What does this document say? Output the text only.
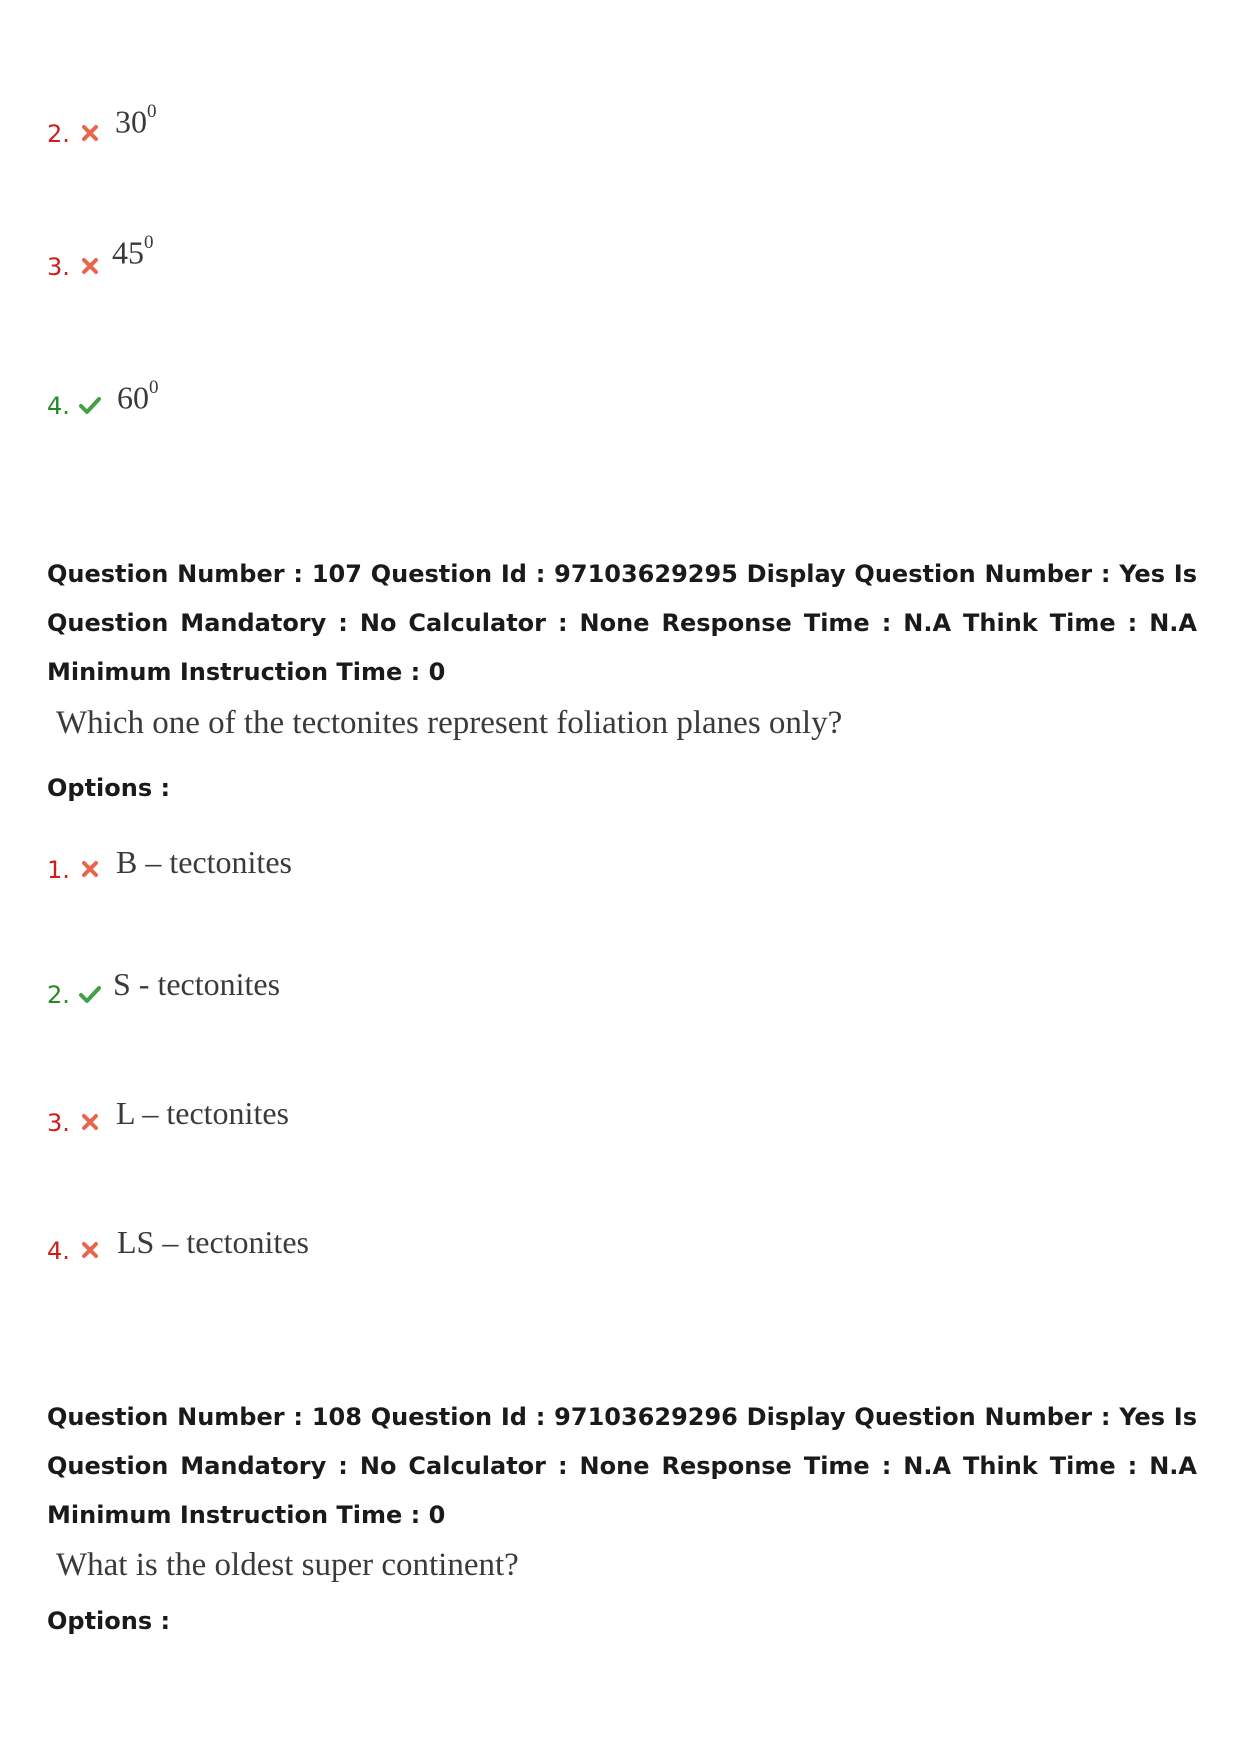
2. $30^0$
3. $45^0$
4. $60^0$
Question Number : 107 Question Id : 97103629295 Display Question Number : Yes Is Question Mandatory : No Calculator : None Response Time : N.A Think Time : N.A Minimum Instruction Time : 0
Which one of the tectonites represent foliation planes only?
Options :
1. B – tectonites
2. S - tectonites
3. L – tectonites
4. LS – tectonites
Question Number : 108 Question Id : 97103629296 Display Question Number : Yes Is Question Mandatory : No Calculator : None Response Time : N.A Think Time : N.A Minimum Instruction Time : 0
What is the oldest super continent?
Options :
